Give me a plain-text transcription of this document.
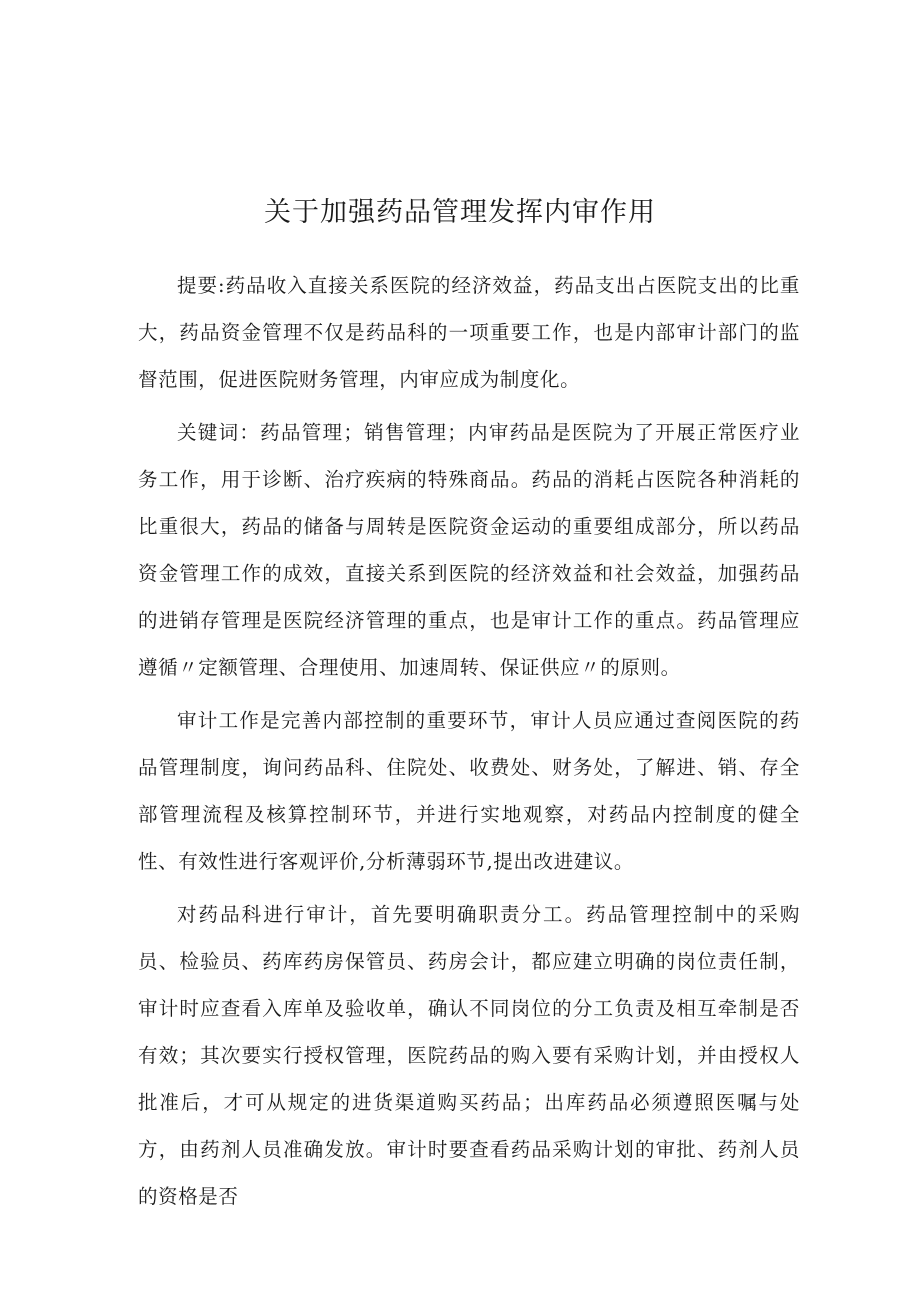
关于加强药品管理发挥内审作用

提要:药品收入直接关系医院的经济效益，药品支出占医院支出的比重大，药品资金管理不仅是药品科的一项重要工作，也是内部审计部门的监督范围，促进医院财务管理，内审应成为制度化。

关键词：药品管理；销售管理；内审药品是医院为了开展正常医疗业务工作，用于诊断、治疗疾病的特殊商品。药品的消耗占医院各种消耗的比重很大，药品的储备与周转是医院资金运动的重要组成部分，所以药品资金管理工作的成效，直接关系到医院的经济效益和社会效益，加强药品的进销存管理是医院经济管理的重点，也是审计工作的重点。药品管理应遵循〃定额管理、合理使用、加速周转、保证供应〃的原则。

审计工作是完善内部控制的重要环节，审计人员应通过查阅医院的药品管理制度，询问药品科、住院处、收费处、财务处，了解进、销、存全部管理流程及核算控制环节，并进行实地观察，对药品内控制度的健全性、有效性进行客观评价,分析薄弱环节,提出改进建议。

对药品科进行审计，首先要明确职责分工。药品管理控制中的采购员、检验员、药库药房保管员、药房会计，都应建立明确的岗位责任制，审计时应查看入库单及验收单，确认不同岗位的分工负责及相互牵制是否有效；其次要实行授权管理，医院药品的购入要有采购计划，并由授权人批准后，才可从规定的进货渠道购买药品；出库药品必须遵照医嘱与处方，由药剂人员准确发放。审计时要查看药品采购计划的审批、药剂人员的资格是否
